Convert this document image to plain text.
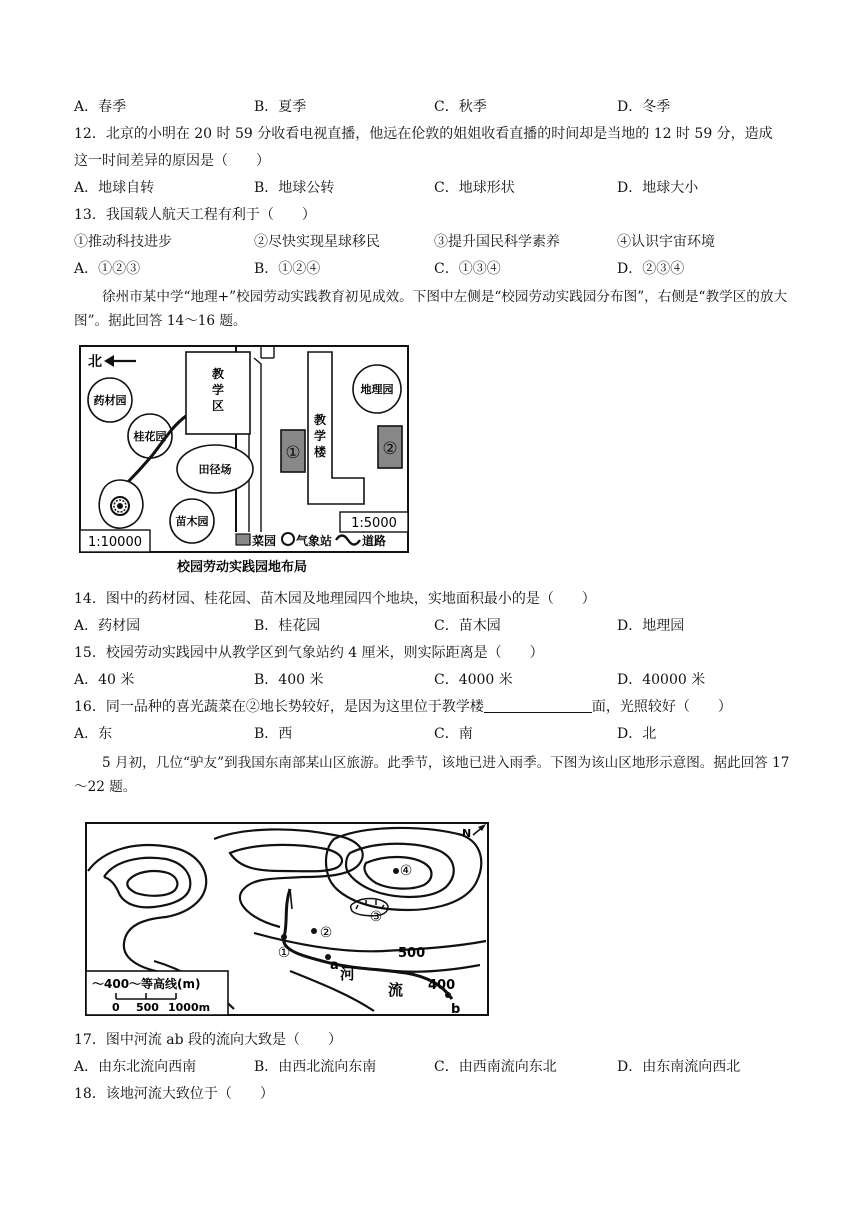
A．春季	B．夏季	C．秋季	D．冬季
12．北京的小明在 20 时 59 分收看电视直播，他远在伦敦的姐姐收看直播的时间却是当地的 12 时 59 分，造成
这一时间差异的原因是（　　）
A．地球自转	B．地球公转	C．地球形状	D．地球大小
13．我国载人航天工程有利于（　　）
①推动科技进步	②尽快实现星球移民	③提升国民科学素养	④认识宇宙环境
A．①②③	B．①②④	C．①③④	D．②③④
徐州市某中学“地理+”校园劳动实践教育初见成效。下图中左侧是“校园劳动实践园分布图”，右侧是“教学区的放大图”。据此回答 14～16 题。
北
教
学
区
药材园
桂花园
田径场
苗木园
教
学
楼
①	②
地理园
1:5000
1:10000	菜园 气象站 道路
校园劳动实践园地布局
14．图中的药材园、桂花园、苗木园及地理园四个地块，实地面积最小的是（　　）
A．药材园	B．桂花园	C．苗木园	D．地理园
15．校园劳动实践园中从教学区到气象站约 4 厘米，则实际距离是（　　）
A．40 米	B．400 米	C．4000 米	D．40000 米
16．同一品种的喜光蔬菜在②地长势较好，是因为这里位于教学楼	面，光照较好（　　）
A．东	B．西	C．南	D．北
5 月初，几位“驴友”到我国东南部某山区旅游。此季节，该地已进入雨季。下图为该山区地形示意图。据此回答 17～22 题。
N
①
②
③
④
a
b
500
400
河
流
～400～等高线(m)
0 500 1000m
17．图中河流 ab 段的流向大致是（　　）
A．由东北流向西南	B．由西北流向东南	C．由西南流向东北	D．由东南流向西北
18．该地河流大致位于（　　）
